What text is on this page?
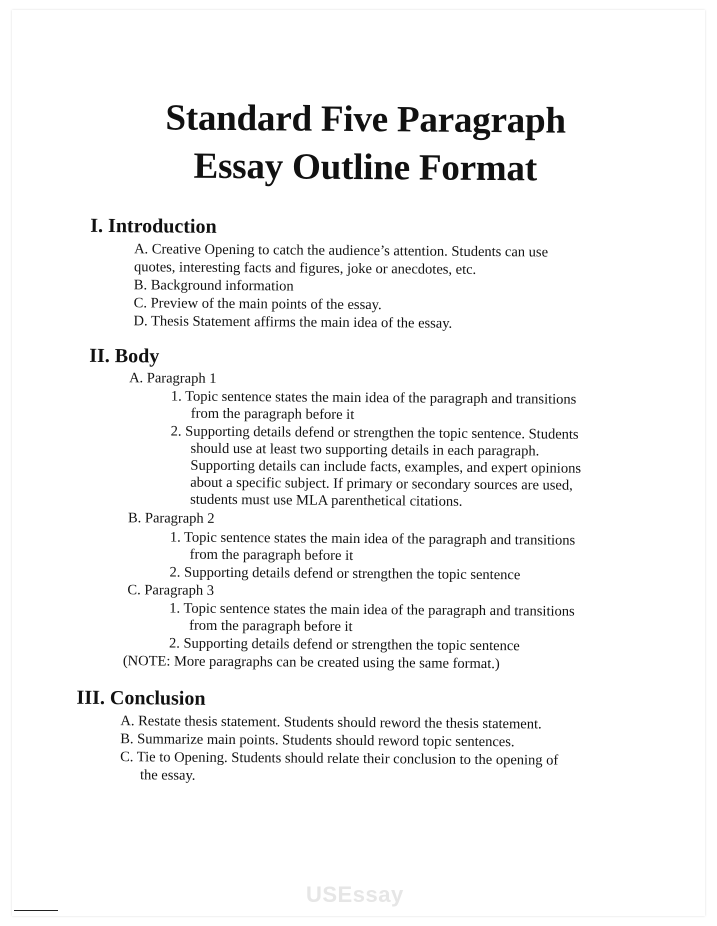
Standard Five Paragraph
Essay Outline Format
I. Introduction
A. Creative Opening to catch the audience’s attention. Students can use
quotes, interesting facts and figures, joke or anecdotes, etc.
B. Background information
C. Preview of the main points of the essay.
D. Thesis Statement affirms the main idea of the essay.
II. Body
A. Paragraph 1
1. Topic sentence states the main idea of the paragraph and transitions
from the paragraph before it
2. Supporting details defend or strengthen the topic sentence. Students
should use at least two supporting details in each paragraph.
Supporting details can include facts, examples, and expert opinions
about a specific subject. If primary or secondary sources are used,
students must use MLA parenthetical citations.
B. Paragraph 2
1. Topic sentence states the main idea of the paragraph and transitions
from the paragraph before it
2. Supporting details defend or strengthen the topic sentence
C. Paragraph 3
1. Topic sentence states the main idea of the paragraph and transitions
from the paragraph before it
2. Supporting details defend or strengthen the topic sentence
(NOTE: More paragraphs can be created using the same format.)
III. Conclusion
A. Restate thesis statement. Students should reword the thesis statement.
B. Summarize main points. Students should reword topic sentences.
C. Tie to Opening. Students should relate their conclusion to the opening of
the essay.
USEssay
